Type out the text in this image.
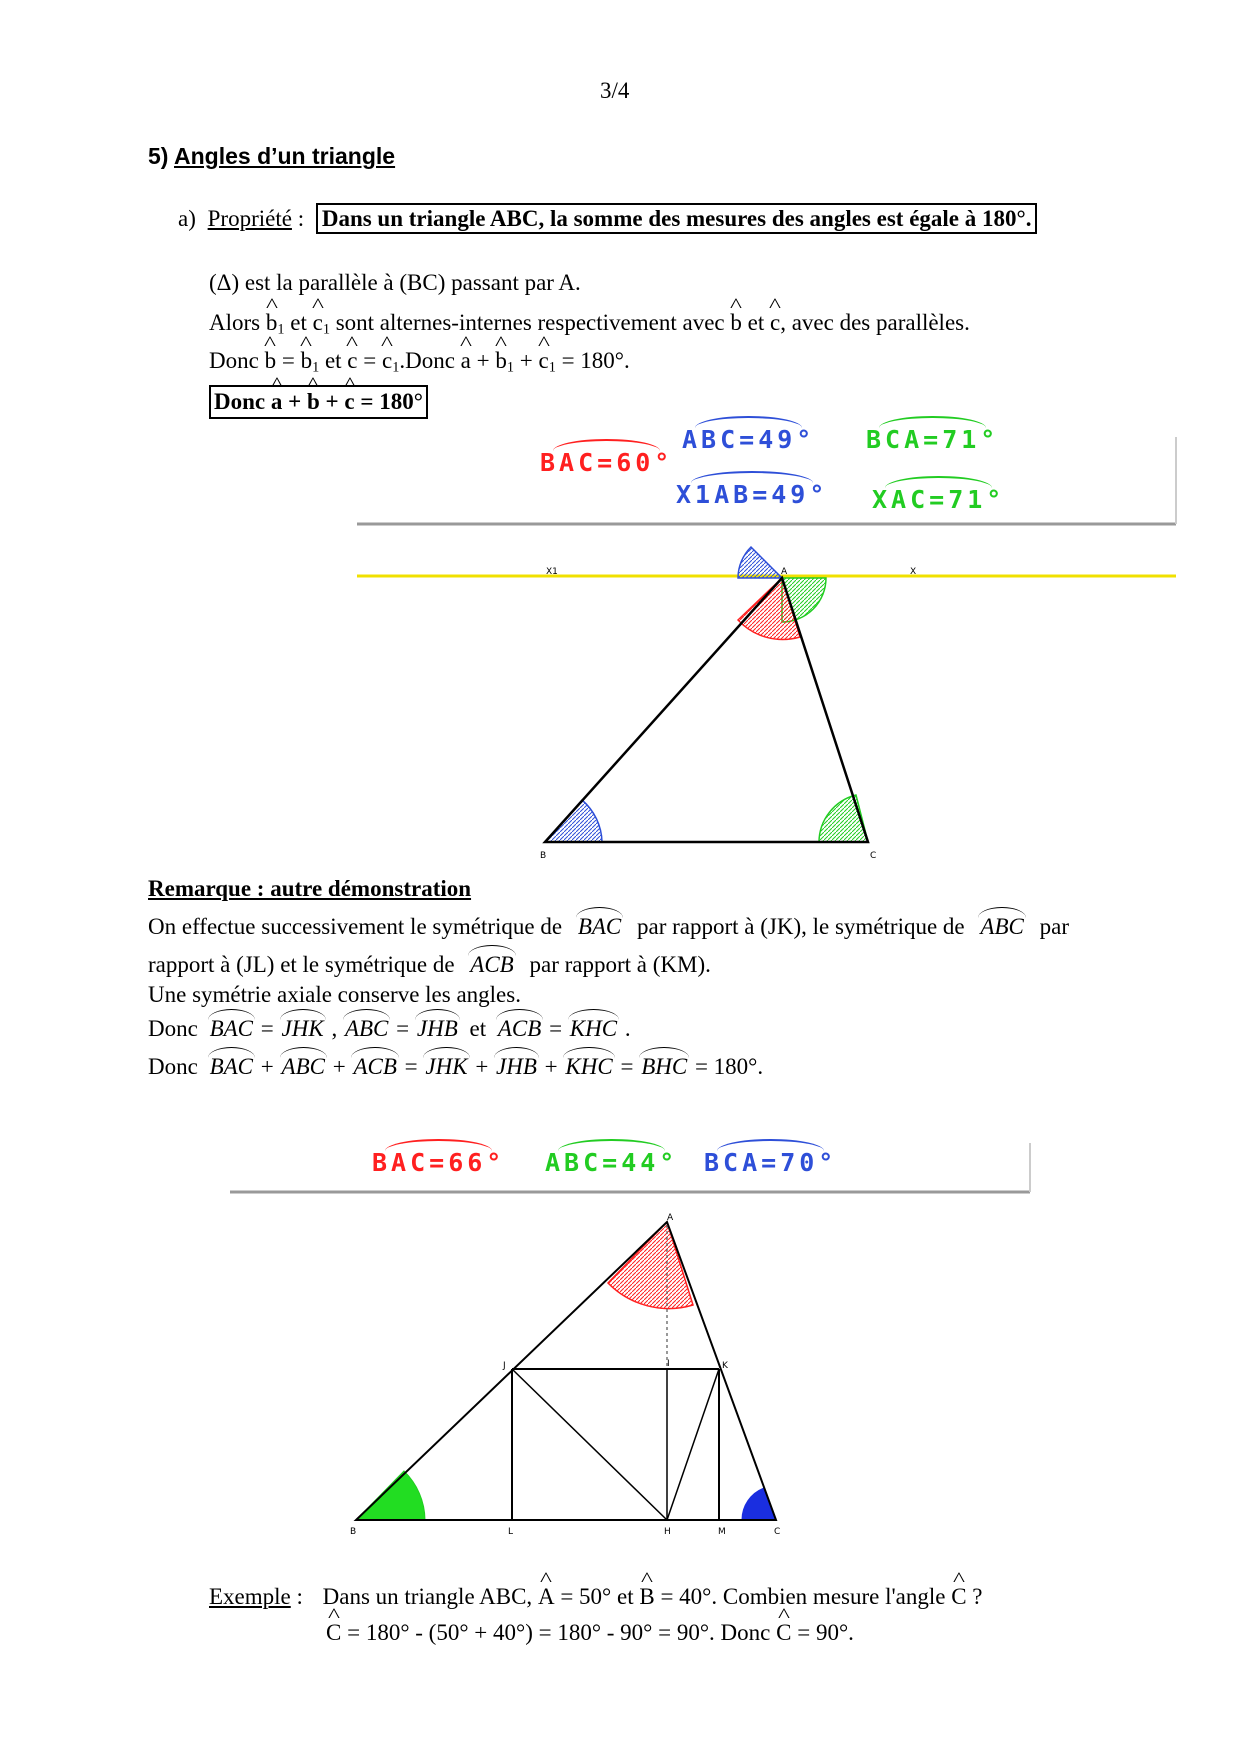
3/4
5) Angles d’un triangle
a) Propriété : Dans un triangle ABC, la somme des mesures des angles est égale à 180°.
(Δ) est la parallèle à (BC) passant par A.
Alors ^ $b_1$ et ^ $c_1$ sont alternes-internes respectivement avec ^ b et ^ c, avec des parallèles.
Donc ^ b = ^ $b_1$ et ^ c = ^ $c_1.Donc$ ^ a + ^ $b_1$ + ^ $c_1 = 180^\circ$.
Donc ^ a + ^ b + ^ c = 180°
BAC=60°
ABC=49° BCA=71°
X1AB=49° XAC=71°
X1	A	X
B	C
A
J	I	K
B	L	H	M	C
Remarque : autre démonstration
On effectue successivement le symétrique de BAC par rapport à (JK), le symétrique de ABC par
rapport à (JL) et le symétrique de ACB par rapport à (KM).
Une symétrie axiale conserve les angles.
Donc BAC = JHK , ABC = JHB et ACB = KHC .
Donc BAC + ABC + ACB = JHK + JHB + KHC = BHC = 180°.
BAC=66° ABC=44° BCA=70°
Exemple : Dans un triangle ABC, ^ A = 50° et ^ B = 40°. Combien mesure l'angle ^ C ?
^ C = 180° - (50° + 40°) = 180° - 90° = 90°. Donc ^ C = 90°.
